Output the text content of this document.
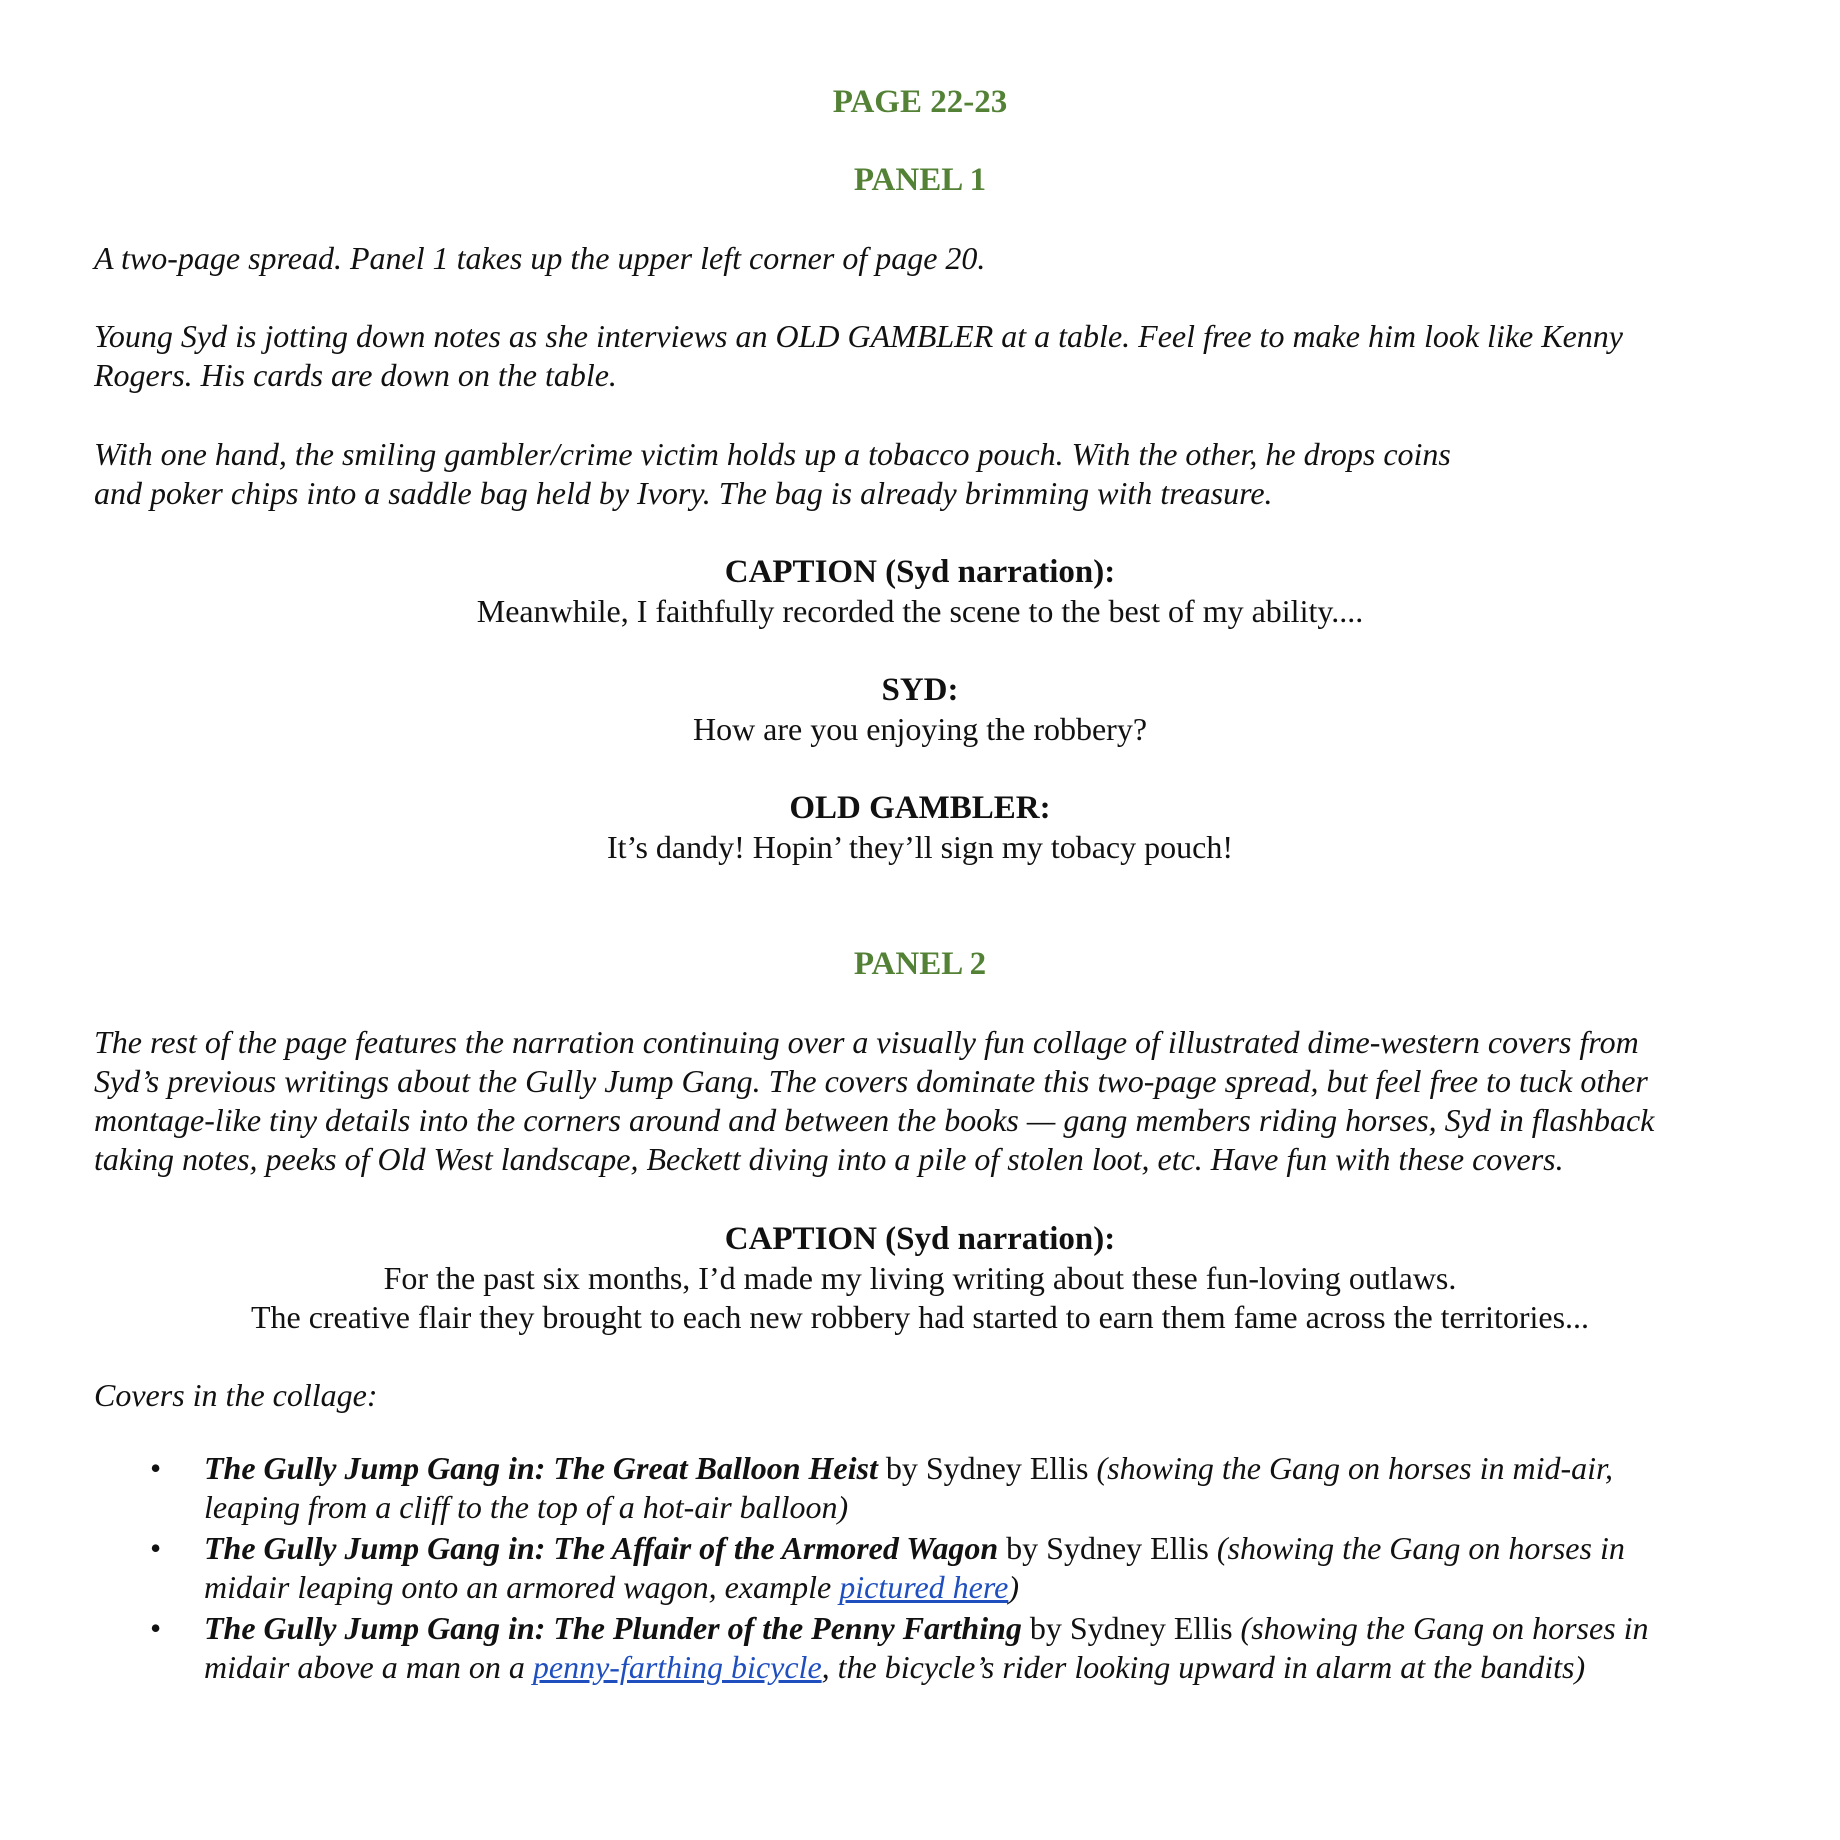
PAGE 22-23
PANEL 1

A two-page spread. Panel 1 takes up the upper left corner of page 20.

Young Syd is jotting down notes as she interviews an OLD GAMBLER at a table. Feel free to make him look like Kenny
Rogers. His cards are down on the table.

With one hand, the smiling gambler/crime victim holds up a tobacco pouch. With the other, he drops coins
and poker chips into a saddle bag held by Ivory. The bag is already brimming with treasure.

CAPTION (Syd narration):
Meanwhile, I faithfully recorded the scene to the best of my ability....
SYD:
How are you enjoying the robbery?
OLD GAMBLER:
It’s dandy! Hopin’ they’ll sign my tobacy pouch!
PANEL 2

The rest of the page features the narration continuing over a visually fun collage of illustrated dime-western covers from
Syd’s previous writings about the Gully Jump Gang. The covers dominate this two-page spread, but feel free to tuck other
montage-like tiny details into the corners around and between the books — gang members riding horses, Syd in flashback
taking notes, peeks of Old West landscape, Beckett diving into a pile of stolen loot, etc. Have fun with these covers.

CAPTION (Syd narration):
For the past six months, I’d made my living writing about these fun-loving outlaws.
The creative flair they brought to each new robbery had started to earn them fame across the territories...

Covers in the collage:

• The Gully Jump Gang in: The Great Balloon Heist by Sydney Ellis (showing the Gang on horses in mid-air,
leaping from a cliff to the top of a hot-air balloon)
• The Gully Jump Gang in: The Affair of the Armored Wagon by Sydney Ellis (showing the Gang on horses in
midair leaping onto an armored wagon, example pictured here)
• The Gully Jump Gang in: The Plunder of the Penny Farthing by Sydney Ellis (showing the Gang on horses in
midair above a man on a penny-farthing bicycle, the bicycle’s rider looking upward in alarm at the bandits)
